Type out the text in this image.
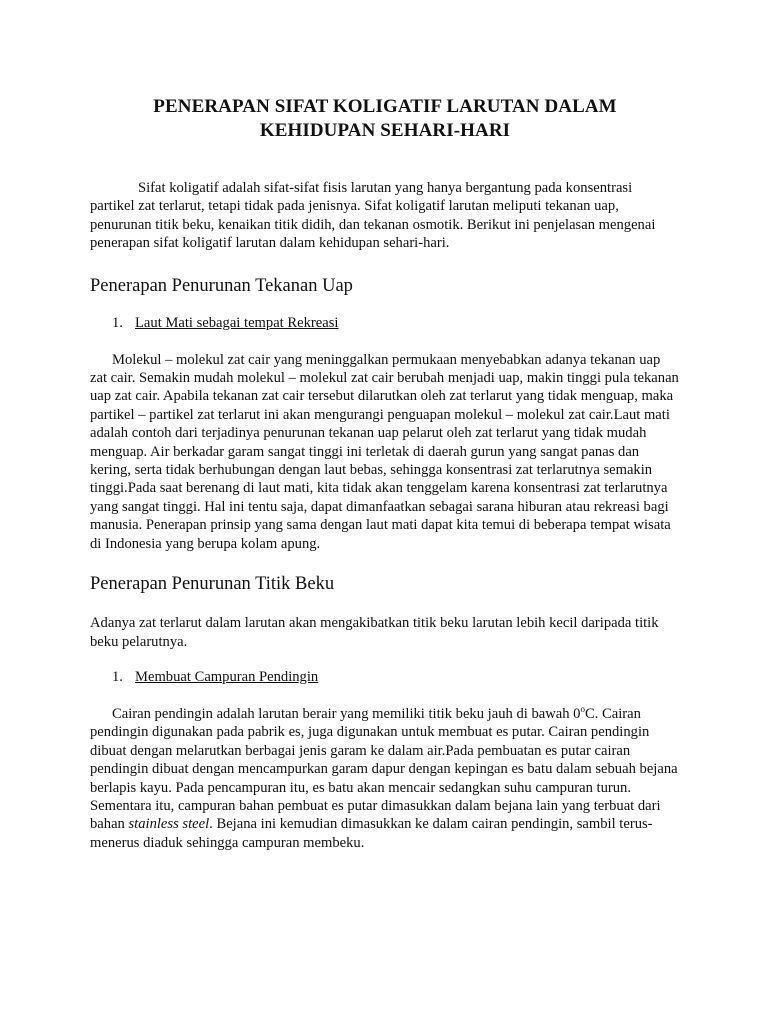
PENERAPAN SIFAT KOLIGATIF LARUTAN DALAM
KEHIDUPAN SEHARI-HARI

Sifat koligatif adalah sifat-sifat fisis larutan yang hanya bergantung pada konsentrasi partikel zat terlarut, tetapi tidak pada jenisnya. Sifat koligatif larutan meliputi tekanan uap, penurunan titik beku, kenaikan titik didih, dan tekanan osmotik. Berikut ini penjelasan mengenai penerapan sifat koligatif larutan dalam kehidupan sehari-hari.

Penerapan Penurunan Tekanan Uap
1. Laut Mati sebagai tempat Rekreasi

Molekul – molekul zat cair yang meninggalkan permukaan menyebabkan adanya tekanan uap zat cair. Semakin mudah molekul – molekul zat cair berubah menjadi uap, makin tinggi pula tekanan uap zat cair. Apabila tekanan zat cair tersebut dilarutkan oleh zat terlarut yang tidak menguap, maka partikel – partikel zat terlarut ini akan mengurangi penguapan molekul – molekul zat cair.Laut mati adalah contoh dari terjadinya penurunan tekanan uap pelarut oleh zat terlarut yang tidak mudah menguap. Air berkadar garam sangat tinggi ini terletak di daerah gurun yang sangat panas dan kering, serta tidak berhubungan dengan laut bebas, sehingga konsentrasi zat terlarutnya semakin tinggi.Pada saat berenang di laut mati, kita tidak akan tenggelam karena konsentrasi zat terlarutnya yang sangat tinggi. Hal ini tentu saja, dapat dimanfaatkan sebagai sarana hiburan atau rekreasi bagi manusia. Penerapan prinsip yang sama dengan laut mati dapat kita temui di beberapa tempat wisata di Indonesia yang berupa kolam apung.

Penerapan Penurunan Titik Beku

Adanya zat terlarut dalam larutan akan mengakibatkan titik beku larutan lebih kecil daripada titik beku pelarutnya.

1. Membuat Campuran Pendingin

Cairan pendingin adalah larutan berair yang memiliki titik beku jauh di bawah 0$^o$C. Cairan pendingin digunakan pada pabrik es, juga digunakan untuk membuat es putar. Cairan pendingin dibuat dengan melarutkan berbagai jenis garam ke dalam air.Pada pembuatan es putar cairan pendingin dibuat dengan mencampurkan garam dapur dengan kepingan es batu dalam sebuah bejana berlapis kayu. Pada pencampuran itu, es batu akan mencair sedangkan suhu campuran turun. Sementara itu, campuran bahan pembuat es putar dimasukkan dalam bejana lain yang terbuat dari bahan stainless steel. Bejana ini kemudian dimasukkan ke dalam cairan pendingin, sambil terus-menerus diaduk sehingga campuran membeku.
